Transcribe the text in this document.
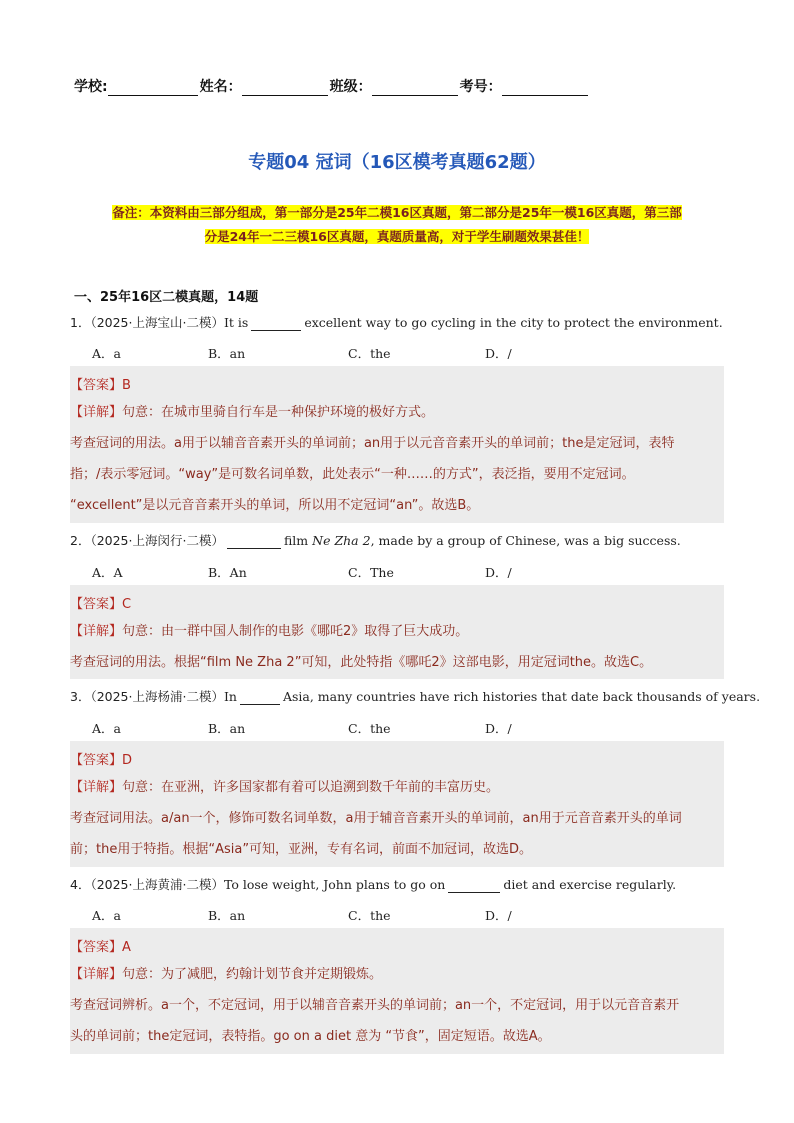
学校:	姓名：	班级：	考号：
专题04 冠词（16区模考真题62题）
备注：本资料由三部分组成，第一部分是25年二模16区真题，第二部分是25年一模16区真题，第三部
分是24年一二三模16区真题，真题质量高，对于学生刷题效果甚佳！
一、25年16区二模真题，14题
1．（2025·上海宝山·二模）It is	excellent way to go cycling in the city to protect the environment.
A．a	B．an	C．the	D．/
【答案】B
【详解】句意：在城市里骑自行车是一种保护环境的极好方式。
考查冠词的用法。a用于以辅音音素开头的单词前；an用于以元音音素开头的单词前；the是定冠词，表特
指；/表示零冠词。“way”是可数名词单数，此处表示“一种……的方式”，表泛指，要用不定冠词。
“excellent”是以元音音素开头的单词，所以用不定冠词“an”。故选B。
2．（2025·上海闵行·二模）	film Ne Zha 2, made by a group of Chinese, was a big success.
A．A	B．An	C．The	D．/
【答案】C
【详解】句意：由一群中国人制作的电影《哪吒2》取得了巨大成功。
考查冠词的用法。根据“film Ne Zha 2”可知，此处特指《哪吒2》这部电影，用定冠词the。故选C。
3．（2025·上海杨浦·二模）In	Asia, many countries have rich histories that date back thousands of years.
A．a	B．an	C．the	D．/
【答案】D
【详解】句意：在亚洲，许多国家都有着可以追溯到数千年前的丰富历史。
考查冠词用法。a/an一个，修饰可数名词单数，a用于辅音音素开头的单词前，an用于元音音素开头的单词
前；the用于特指。根据“Asia”可知，亚洲，专有名词，前面不加冠词，故选D。
4．（2025·上海黄浦·二模）To lose weight, John plans to go on	diet and exercise regularly.
A．a	B．an	C．the	D．/
【答案】A
【详解】句意：为了减肥，约翰计划节食并定期锻炼。
考查冠词辨析。a一个，不定冠词，用于以辅音音素开头的单词前；an一个，不定冠词，用于以元音音素开
头的单词前；the定冠词，表特指。go on a diet 意为 “节食”，固定短语。故选A。
